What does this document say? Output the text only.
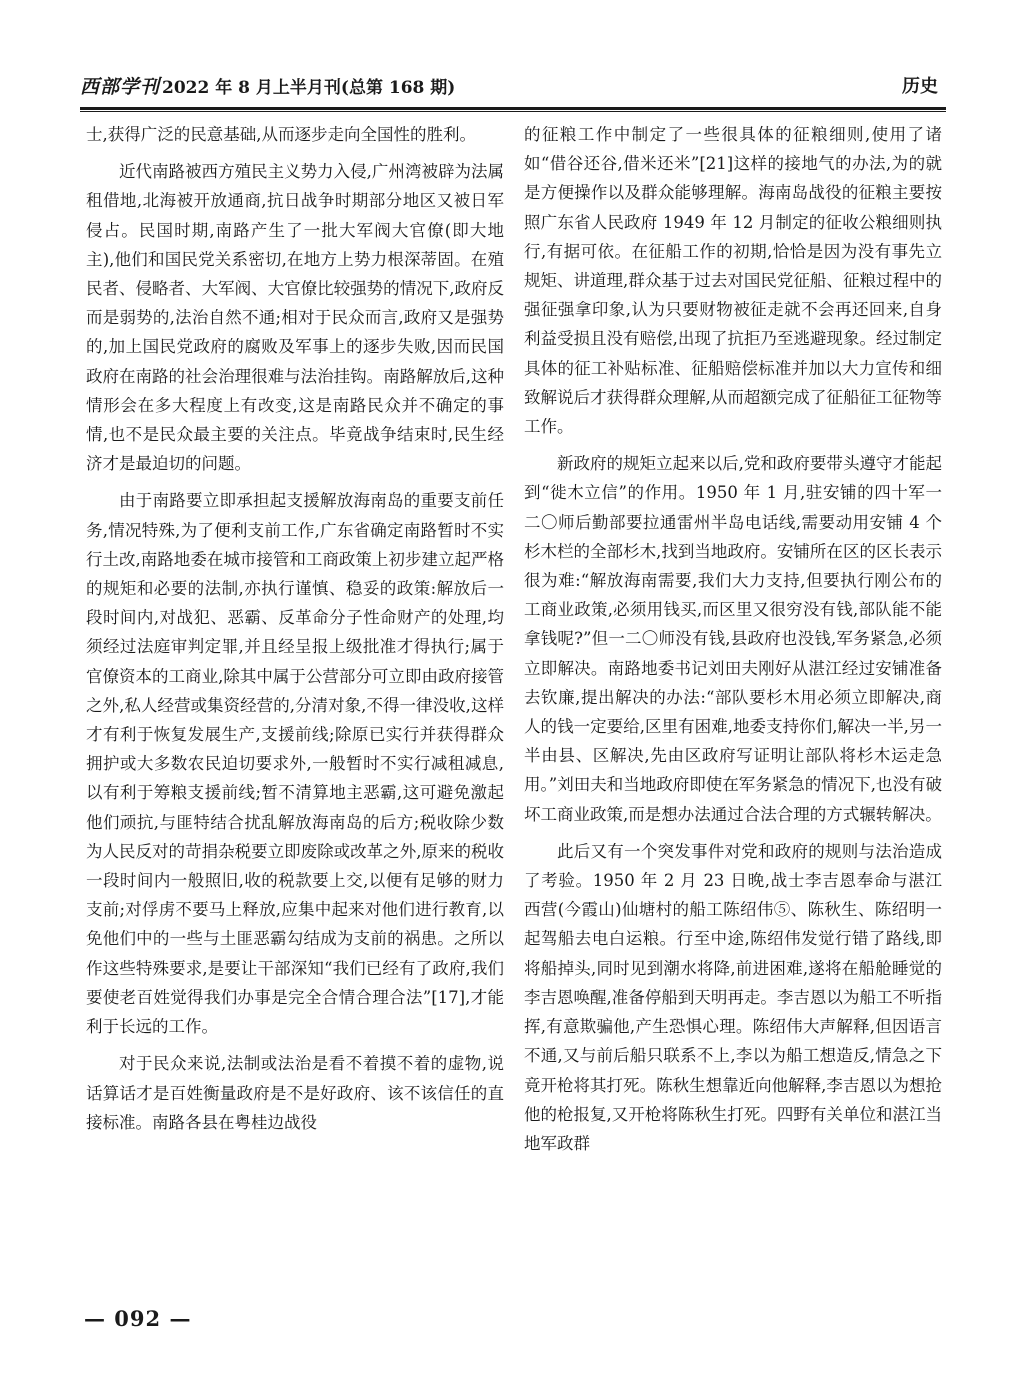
西部学刊 2022 年 8 月上半月刊(总第 168 期)	历史

士,获得广泛的民意基础,从而逐步走向全国性的胜利。

近代南路被西方殖民主义势力入侵,广州湾被辟为法属租借地,北海被开放通商,抗日战争时期部分地区又被日军侵占。民国时期,南路产生了一批大军阀大官僚(即大地主),他们和国民党关系密切,在地方上势力根深蒂固。在殖民者、侵略者、大军阀、大官僚比较强势的情况下,政府反而是弱势的,法治自然不通;相对于民众而言,政府又是强势的,加上国民党政府的腐败及军事上的逐步失败,因而民国政府在南路的社会治理很难与法治挂钩。南路解放后,这种情形会在多大程度上有改变,这是南路民众并不确定的事情,也不是民众最主要的关注点。毕竟战争结束时,民生经济才是最迫切的问题。

由于南路要立即承担起支援解放海南岛的重要支前任务,情况特殊,为了便利支前工作,广东省确定南路暂时不实行土改,南路地委在城市接管和工商政策上初步建立起严格的规矩和必要的法制,亦执行谨慎、稳妥的政策:解放后一段时间内,对战犯、恶霸、反革命分子性命财产的处理,均须经过法庭审判定罪,并且经呈报上级批准才得执行;属于官僚资本的工商业,除其中属于公营部分可立即由政府接管之外,私人经营或集资经营的,分清对象,不得一律没收,这样才有利于恢复发展生产,支援前线;除原已实行并获得群众拥护或大多数农民迫切要求外,一般暂时不实行减租减息,以有利于筹粮支援前线;暂不清算地主恶霸,这可避免激起他们顽抗,与匪特结合扰乱解放海南岛的后方;税收除少数为人民反对的苛捐杂税要立即废除或改革之外,原来的税收一段时间内一般照旧,收的税款要上交,以便有足够的财力支前;对俘虏不要马上释放,应集中起来对他们进行教育,以免他们中的一些与土匪恶霸勾结成为支前的祸患。之所以作这些特殊要求,是要让干部深知“我们已经有了政府,我们要使老百姓觉得我们办事是完全合情合理合法”[17],才能利于长远的工作。

对于民众来说,法制或法治是看不着摸不着的虚物,说话算话才是百姓衡量政府是不是好政府、该不该信任的直接标准。南路各县在粤桂边战役

的征粮工作中制定了一些很具体的征粮细则,使用了诸如“借谷还谷,借米还米”[21]这样的接地气的办法,为的就是方便操作以及群众能够理解。海南岛战役的征粮主要按照广东省人民政府 1949 年 12 月制定的征收公粮细则执行,有据可依。在征船工作的初期,恰恰是因为没有事先立规矩、讲道理,群众基于过去对国民党征船、征粮过程中的强征强拿印象,认为只要财物被征走就不会再还回来,自身利益受损且没有赔偿,出现了抗拒乃至逃避现象。经过制定具体的征工补贴标准、征船赔偿标准并加以大力宣传和细致解说后才获得群众理解,从而超额完成了征船征工征物等工作。

新政府的规矩立起来以后,党和政府要带头遵守才能起到“徙木立信”的作用。1950 年 1 月,驻安铺的四十军一二〇师后勤部要拉通雷州半岛电话线,需要动用安铺 4 个杉木栏的全部杉木,找到当地政府。安铺所在区的区长表示很为难:“解放海南需要,我们大力支持,但要执行刚公布的工商业政策,必须用钱买,而区里又很穷没有钱,部队能不能拿钱呢?”但一二〇师没有钱,县政府也没钱,军务紧急,必须立即解决。南路地委书记刘田夫刚好从湛江经过安铺准备去钦廉,提出解决的办法:“部队要杉木用必须立即解决,商人的钱一定要给,区里有困难,地委支持你们,解决一半,另一半由县、区解决,先由区政府写证明让部队将杉木运走急用。”刘田夫和当地政府即使在军务紧急的情况下,也没有破坏工商业政策,而是想办法通过合法合理的方式辗转解决。

此后又有一个突发事件对党和政府的规则与法治造成了考验。1950 年 2 月 23 日晚,战士李吉恩奉命与湛江西营(今霞山)仙塘村的船工陈绍伟⑤、陈秋生、陈绍明一起驾船去电白运粮。行至中途,陈绍伟发觉行错了路线,即将船掉头,同时见到潮水将降,前进困难,遂将在船舱睡觉的李吉恩唤醒,准备停船到天明再走。李吉恩以为船工不听指挥,有意欺骗他,产生恐惧心理。陈绍伟大声解释,但因语言不通,又与前后船只联系不上,李以为船工想造反,情急之下竟开枪将其打死。陈秋生想靠近向他解释,李吉恩以为想抢他的枪报复,又开枪将陈秋生打死。四野有关单位和湛江当地军政群

— 092 —
